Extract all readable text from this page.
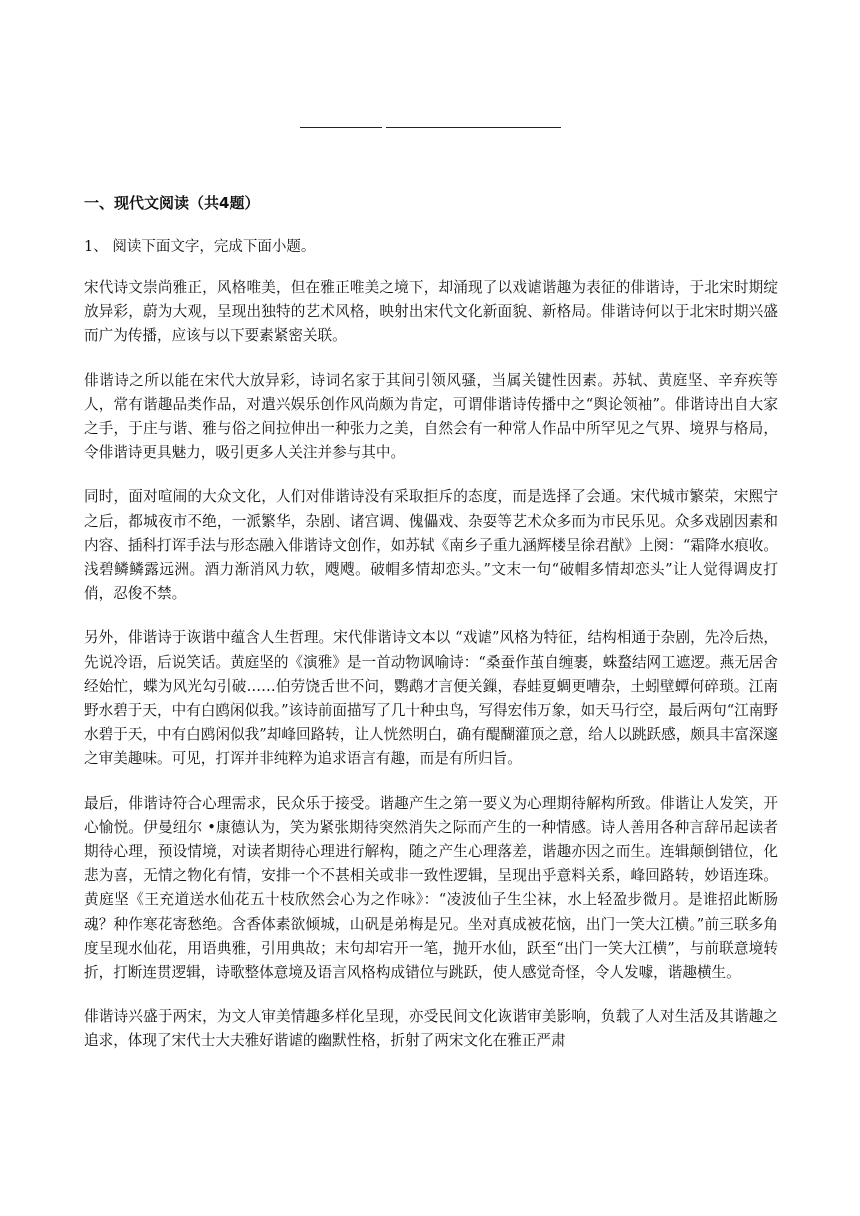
一、现代文阅读（共4题）
1、 阅读下面文字，完成下面小题。

宋代诗文崇尚雅正，风格唯美，但在雅正唯美之境下，却涌现了以戏谑谐趣为表征的俳谐诗，于北宋时期绽放异彩，蔚为大观，呈现出独特的艺术风格，映射出宋代文化新面貌、新格局。俳谐诗何以于北宋时期兴盛而广为传播，应该与以下要素紧密关联。

俳谐诗之所以能在宋代大放异彩，诗词名家于其间引领风骚，当属关键性因素。苏轼、黄庭坚、辛弃疾等人，常有谐趣品类作品，对遣兴娱乐创作风尚颇为肯定，可谓俳谐诗传播中之“舆论领袖”。俳谐诗出自大家之手，于庄与谐、雅与俗之间拉伸出一种张力之美，自然会有一种常人作品中所罕见之气界、境界与格局，令俳谐诗更具魅力，吸引更多人关注并参与其中。

同时，面对喧闹的大众文化，人们对俳谐诗没有采取拒斥的态度，而是选择了会通。宋代城市繁荣，宋熙宁之后，都城夜市不绝，一派繁华，杂剧、诸宫调、傀儡戏、杂耍等艺术众多而为市民乐见。众多戏剧因素和内容、插科打诨手法与形态融入俳谐诗文创作，如苏轼《南乡子重九涵辉楼呈徐君猷》上阕：“霜降水痕收。浅碧鳞鳞露远洲。酒力渐消风力软，飕飕。破帽多情却恋头。”文末一句“破帽多情却恋头”让人觉得调皮打俏，忍俊不禁。

另外，俳谐诗于诙谐中蕴含人生哲理。宋代俳谐诗文本以 “戏谑”风格为特征，结构相通于杂剧，先冷后热，先说冷语，后说笑话。黄庭坚的《演雅》是一首动物讽喻诗：“桑蚕作茧自缠裹，蛛蝥结网工遮逻。燕无居舍经始忙，蝶为风光勾引破……伯劳饶舌世不问，鹦鹉才言便关鏁，春蛙夏蜩更嘈杂，土蚓壁蟫何碎琐。江南野水碧于天，中有白鸥闲似我。”该诗前面描写了几十种虫鸟，写得宏伟万象，如天马行空，最后两句“江南野水碧于天，中有白鸥闲似我”却峰回路转，让人恍然明白，确有醍醐灌顶之意，给人以跳跃感，颇具丰富深邃之审美趣味。可见，打诨并非纯粹为追求语言有趣，而是有所归旨。

最后，俳谐诗符合心理需求，民众乐于接受。谐趣产生之第一要义为心理期待解构所致。俳谐让人发笑，开心愉悦。伊曼纽尔 •康德认为，笑为紧张期待突然消失之际而产生的一种情感。诗人善用各种言辞吊起读者期待心理，预设情境，对读者期待心理进行解构，随之产生心理落差，谐趣亦因之而生。连辑颠倒错位，化悲为喜，无情之物化有情，安排一个不甚相关或非一致性逻辑，呈现出乎意料关系，峰回路转，妙语连珠。黄庭坚《王充道送水仙花五十枝欣然会心为之作咏》：“凌波仙子生尘袜，水上轻盈步微月。是谁招此断肠魂？种作寒花寄愁绝。含香体素欲倾城，山矾是弟梅是兄。坐对真成被花恼，出门一笑大江横。”前三联多角度呈现水仙花，用语典雅，引用典故；末句却宕开一笔，抛开水仙，跃至“出门一笑大江横”，与前联意境转折，打断连贯逻辑，诗歌整体意境及语言风格构成错位与跳跃，使人感觉奇怪，令人发噱，谐趣横生。

俳谐诗兴盛于两宋，为文人审美情趣多样化呈现，亦受民间文化诙谐审美影响，负载了人对生活及其谐趣之追求，体现了宋代士大夫雅好谐谑的幽默性格，折射了两宋文化在雅正严肃
